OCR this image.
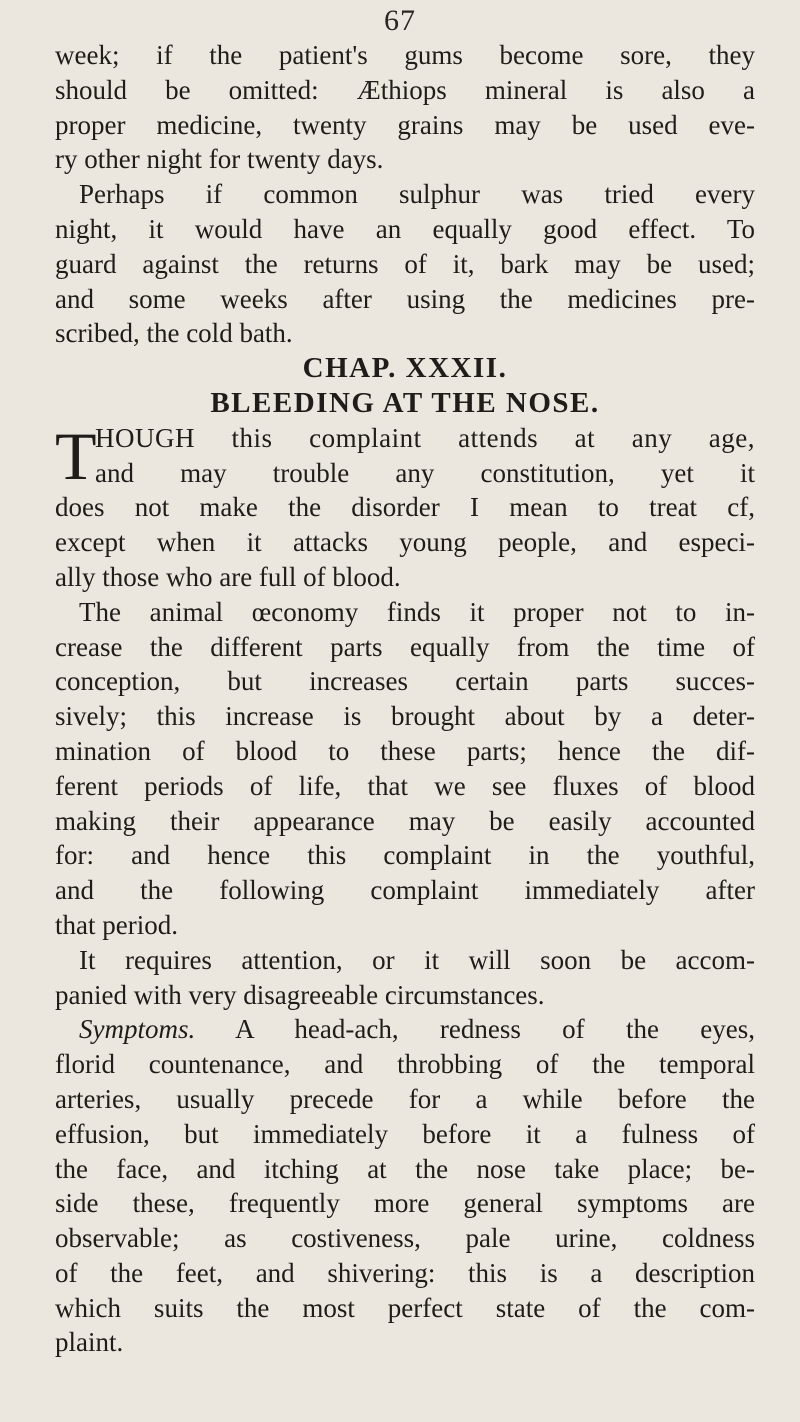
67
week; if the patient's gums become sore, they
should be omitted: Æthiops mineral is also a
proper medicine, twenty grains may be used eve-
ry other night for twenty days.
Perhaps if common sulphur was tried every
night, it would have an equally good effect. To
guard against the returns of it, bark may be used;
and some weeks after using the medicines pre-
scribed, the cold bath.
CHAP. XXXII.
BLEEDING AT THE NOSE.
T
HOUGH this complaint attends at any age,
and may trouble any constitution, yet it
does not make the disorder I mean to treat cf,
except when it attacks young people, and especi-
ally those who are full of blood.
The animal œconomy finds it proper not to in-
crease the different parts equally from the time of
conception, but increases certain parts succes-
sively; this increase is brought about by a deter-
mination of blood to these parts; hence the dif-
ferent periods of life, that we see fluxes of blood
making their appearance may be easily accounted
for: and hence this complaint in the youthful,
and the following complaint immediately after
that period.
It requires attention, or it will soon be accom-
panied with very disagreeable circumstances.
Symptoms. A head-ach, redness of the eyes,
florid countenance, and throbbing of the temporal
arteries, usually precede for a while before the
effusion, but immediately before it a fulness of
the face, and itching at the nose take place; be-
side these, frequently more general symptoms are
observable; as costiveness, pale urine, coldness
of the feet, and shivering: this is a description
which suits the most perfect state of the com-
plaint.
